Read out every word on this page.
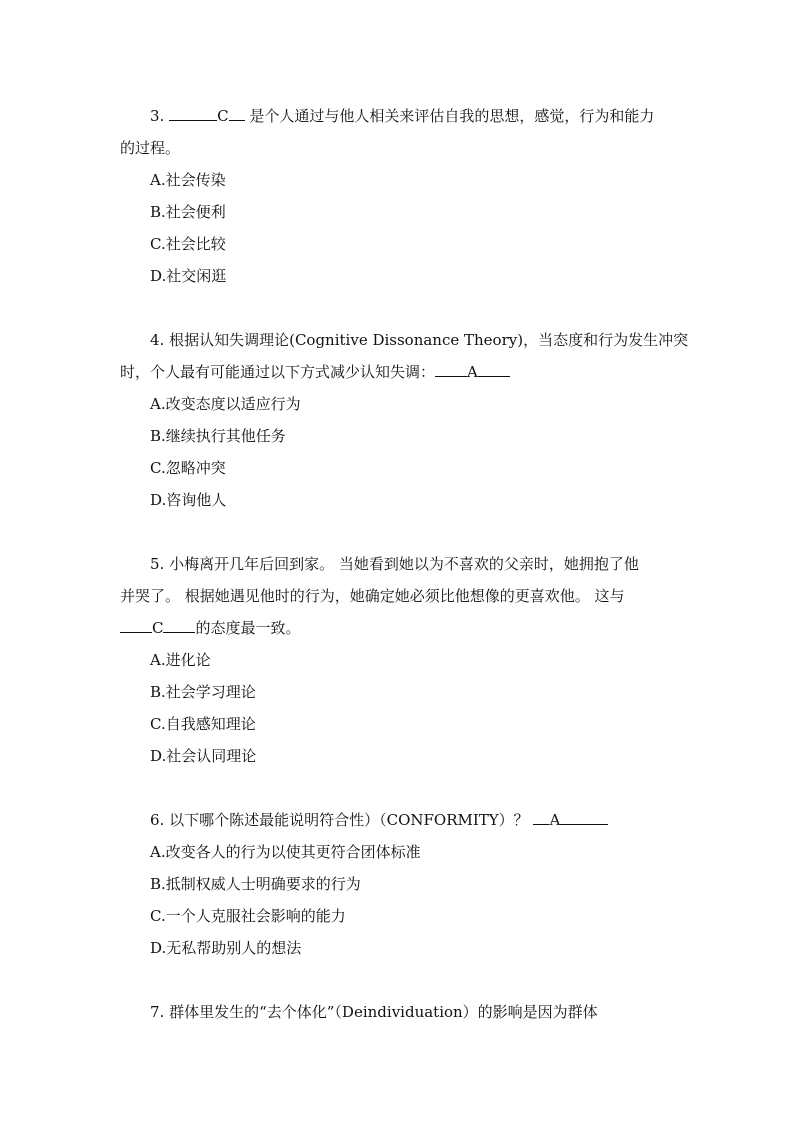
3.	C 是个人通过与他人相关来评估自我的思想，感觉，行为和能力
的过程。
A.社会传染
B.社会便利
C.社会比较
D.社交闲逛
4. 根据认知失调理论(Cognitive Dissonance Theory)，当态度和行为发生冲突
时，个人最有可能通过以下方式减少认知失调： A
A.改变态度以适应行为
B.继续执行其他任务
C.忽略冲突
D.咨询他人
5. 小梅离开几年后回到家。 当她看到她以为不喜欢的父亲时，她拥抱了他
并哭了。 根据她遇见他时的行为，她确定她必须比他想像的更喜欢他。 这与
C 的态度最一致。
A.进化论
B.社会学习理论
C.自我感知理论
D.社会认同理论
6. 以下哪个陈述最能说明符合性）（CONFORMITY）？ A
A.改变各人的行为以使其更符合团体标准
B.抵制权威人士明确要求的行为
C.一个人克服社会影响的能力
D.无私帮助别人的想法
7. 群体里发生的“去个体化”（Deindividuation）的影响是因为群体
